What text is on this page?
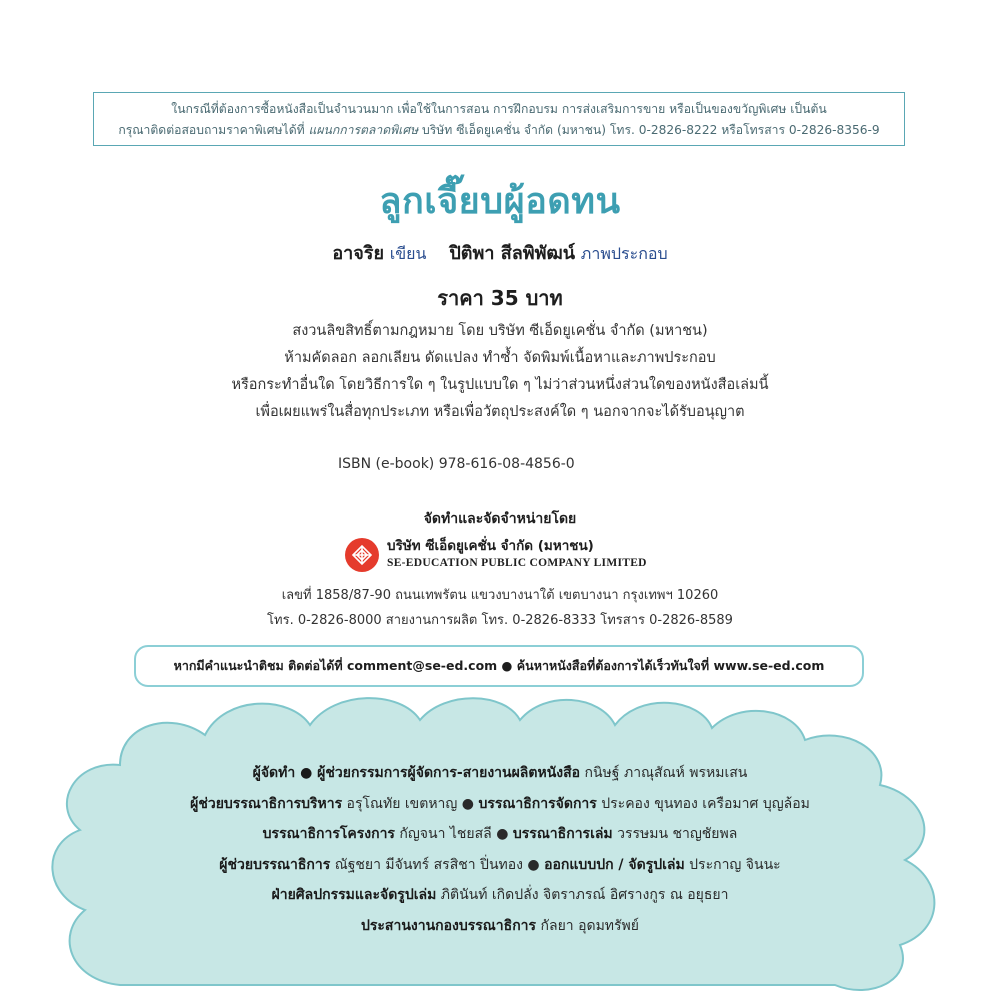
ในกรณีที่ต้องการซื้อหนังสือเป็นจำนวนมาก เพื่อใช้ในการสอน การฝึกอบรม การส่งเสริมการขาย หรือเป็นของขวัญพิเศษ เป็นต้น
กรุณาติดต่อสอบถามราคาพิเศษได้ที่ แผนกการตลาดพิเศษ บริษัท ซีเอ็ดยูเคชั่น จำกัด (มหาชน) โทร. 0-2826-8222 หรือโทรสาร 0-2826-8356-9
ลูกเจี๊ยบผู้อดทน
อาจริย เขียน ปิติพา สีลพิพัฒน์ ภาพประกอบ
ราคา 35 บาท
สงวนลิขสิทธิ์ตามกฎหมาย โดย บริษัท ซีเอ็ดยูเคชั่น จำกัด (มหาชน)
ห้ามคัดลอก ลอกเลียน ดัดแปลง ทำซ้ำ จัดพิมพ์เนื้อหาและภาพประกอบ
หรือกระทำอื่นใด โดยวิธีการใด ๆ ในรูปแบบใด ๆ ไม่ว่าส่วนหนึ่งส่วนใดของหนังสือเล่มนี้
เพื่อเผยแพร่ในสื่อทุกประเภท หรือเพื่อวัตถุประสงค์ใด ๆ นอกจากจะได้รับอนุญาต
ISBN (e-book) 978-616-08-4856-0
จัดทำและจัดจำหน่ายโดย
บริษัท ซีเอ็ดยูเคชั่น จำกัด (มหาชน)
SE-EDUCATION PUBLIC COMPANY LIMITED
เลขที่ 1858/87-90 ถนนเทพรัตน แขวงบางนาใต้ เขตบางนา กรุงเทพฯ 10260
โทร. 0-2826-8000 สายงานการผลิต โทร. 0-2826-8333 โทรสาร 0-2826-8589
หากมีคำแนะนำติชม ติดต่อได้ที่ comment@se-ed.com ● ค้นหาหนังสือที่ต้องการได้เร็วทันใจที่ www.se-ed.com
ผู้จัดทำ ● ผู้ช่วยกรรมการผู้จัดการ-สายงานผลิตหนังสือ กนิษฐ์ ภาณุสัณห์ พรหมเสน
ผู้ช่วยบรรณาธิการบริหาร อรุโณทัย เขตหาญ ● บรรณาธิการจัดการ ประคอง ขุนทอง เครือมาศ บุญล้อม
บรรณาธิการโครงการ กัญจนา ไชยสลี ● บรรณาธิการเล่ม วรรษมน ชาญชัยพล
ผู้ช่วยบรรณาธิการ ณัฐชยา มีจันทร์ สรสิชา ปิ่นทอง ● ออกแบบปก / จัดรูปเล่ม ประกาญ จินนะ
ฝ่ายศิลปกรรมและจัดรูปเล่ม ภิตินันท์ เกิดปลั่ง จิตราภรณ์ อิศรางกูร ณ อยุธยา
ประสานงานกองบรรณาธิการ กัลยา อุดมทรัพย์
